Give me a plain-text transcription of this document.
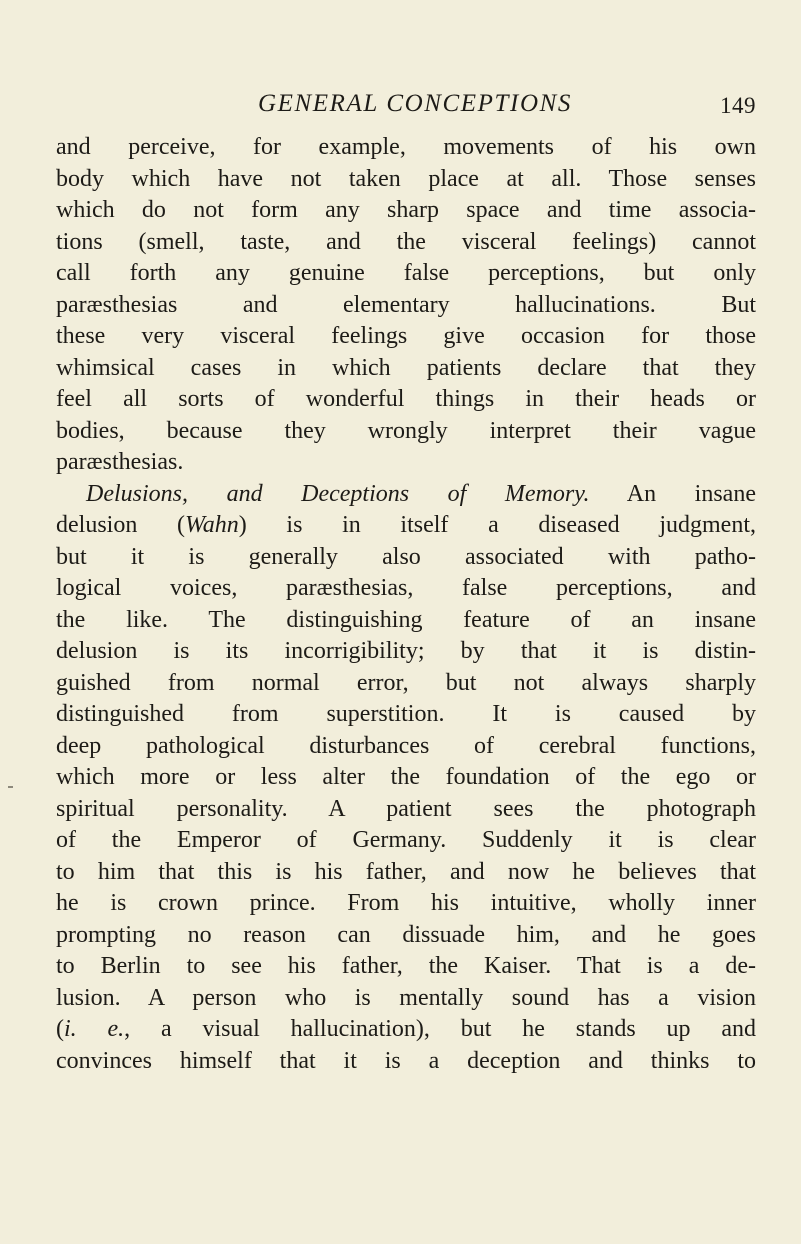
GENERAL CONCEPTIONS	149
and perceive, for example, movements of his own
body which have not taken place at all. Those senses
which do not form any sharp space and time associa-
tions (smell, taste, and the visceral feelings) cannot
call forth any genuine false perceptions, but only
paræsthesias and elementary hallucinations. But
these very visceral feelings give occasion for those
whimsical cases in which patients declare that they
feel all sorts of wonderful things in their heads or
bodies, because they wrongly interpret their vague
paræsthesias.
Delusions, and Deceptions of Memory. An insane
delusion (Wahn) is in itself a diseased judgment,
but it is generally also associated with patho-
logical voices, paræsthesias, false perceptions, and
the like. The distinguishing feature of an insane
delusion is its incorrigibility; by that it is distin-
guished from normal error, but not always sharply
distinguished from superstition. It is caused by
deep pathological disturbances of cerebral functions,
which more or less alter the foundation of the ego or
spiritual personality. A patient sees the photograph
of the Emperor of Germany. Suddenly it is clear
to him that this is his father, and now he believes that
he is crown prince. From his intuitive, wholly inner
prompting no reason can dissuade him, and he goes
to Berlin to see his father, the Kaiser. That is a de-
lusion. A person who is mentally sound has a vision
(i. e., a visual hallucination), but he stands up and
convinces himself that it is a deception and thinks to
